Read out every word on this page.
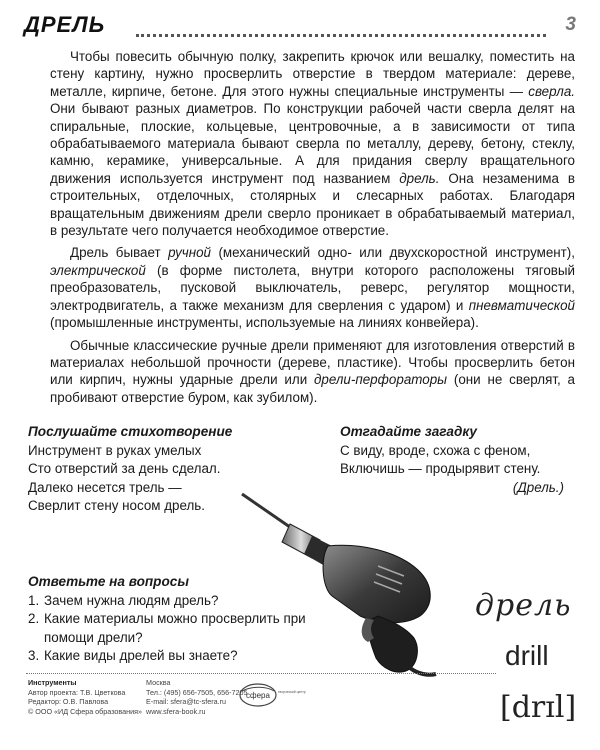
ДРЕЛЬ	3

Чтобы повесить обычную полку, закрепить крючок или вешалку, поместить на стену картину, нужно просверлить отверстие в твердом материале: дереве, металле, кирпиче, бетоне. Для этого нужны специальные инструменты — сверла. Они бывают разных диаметров. По конструкции рабочей части сверла делят на спиральные, плоские, кольцевые, центровочные, а в зависимости от типа обрабатываемого материала бывают сверла по металлу, дереву, бетону, стеклу, камню, керамике, универсальные. А для придания сверлу вращательного движения используется инструмент под названием дрель. Она незаменима в строительных, отделочных, столярных и слесарных работах. Благодаря вращательным движениям дрели сверло проникает в обрабатываемый материал, в результате чего получается необходимое отверстие.

Дрель бывает ручной (механический одно- или двухскоростной инструмент), электрической (в форме пистолета, внутри которого расположены тяговый преобразователь, пусковой выключатель, реверс, регулятор мощности, электродвигатель, а также механизм для сверления с ударом) и пневматической (промышленные инструменты, используемые на линиях конвейера).

Обычные классические ручные дрели применяют для изготовления отверстий в материалах небольшой прочности (дереве, пластике). Чтобы просверлить бетон или кирпич, нужны ударные дрели или дрели-перфораторы (они не сверлят, а пробивают отверстие буром, как зубилом).

Послушайте стихотворение
Инструмент в руках умелых
Сто отверстий за день сделал.
Далеко несется трель —
Сверлит стену носом дрель.
Отгадайте загадку
С виду, вроде, схожа с феном,
Включишь — продырявит стену.
(Дрель.)
Ответьте на вопросы
1. Зачем нужна людям дрель?
2. Какие материалы можно просверлить при помощи дрели?
3. Какие виды дрелей вы знаете?
дрель
drill
[drɪl]
Инструменты
Автор проекта: Т.В. Цветкова
Редактор: О.В. Павлова
© ООО «ИД Сфера образования»
Москва
Тел.: (495) 656-7505, 656-7205
E-mail: sfera@tc-sfera.ru
www.sfera-book.ru
сфера творческий центр
